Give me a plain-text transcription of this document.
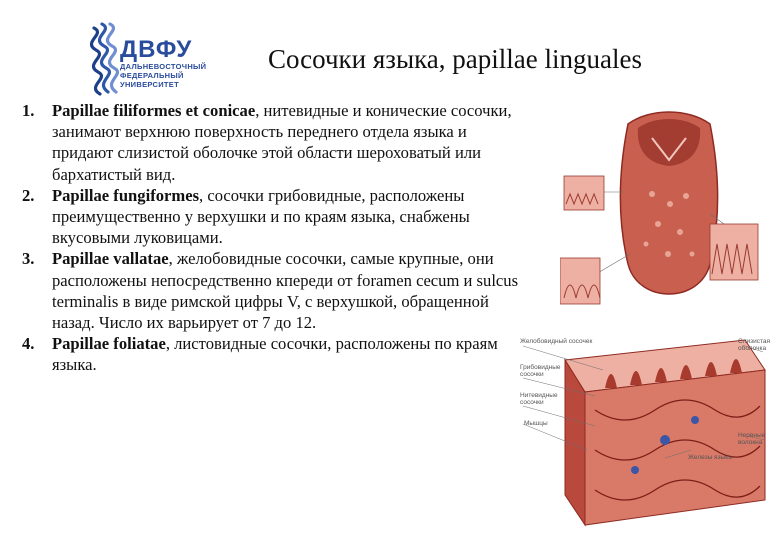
ДВФУ
ДАЛЬНЕВОСТОЧНЫЙ
ФЕДЕРАЛЬНЫЙ
УНИВЕРСИТЕТ
Сосочки языка, papillae linguales
1. Papillae filiformes et conicae, нитевидные и конические сосочки, занимают верхнюю поверхность переднего отдела языка и придают слизистой оболочке этой области шероховатый или бархатистый вид.
2. Papillae fungiformes, сосочки грибовидные, расположены преимущественно у верхушки и по краям языка, снабжены вкусовыми луковицами.
3. Papillae vallatae, желобовидные сосочки, самые крупные, они расположены непосредственно кпереди от foramen cecum и sulcus terminalis в виде римской цифры V, с верхушкой, обращенной назад. Число их варьирует от 7 до 12.
4. Papillae foliatae, листовидные сосочки, расположены по краям языка.
Желобовидный сосочек
Грибовидные сосочки
Нитевидные сосочки
Мышцы
Железы языка
Слизистая оболочка
Нервные волокна
